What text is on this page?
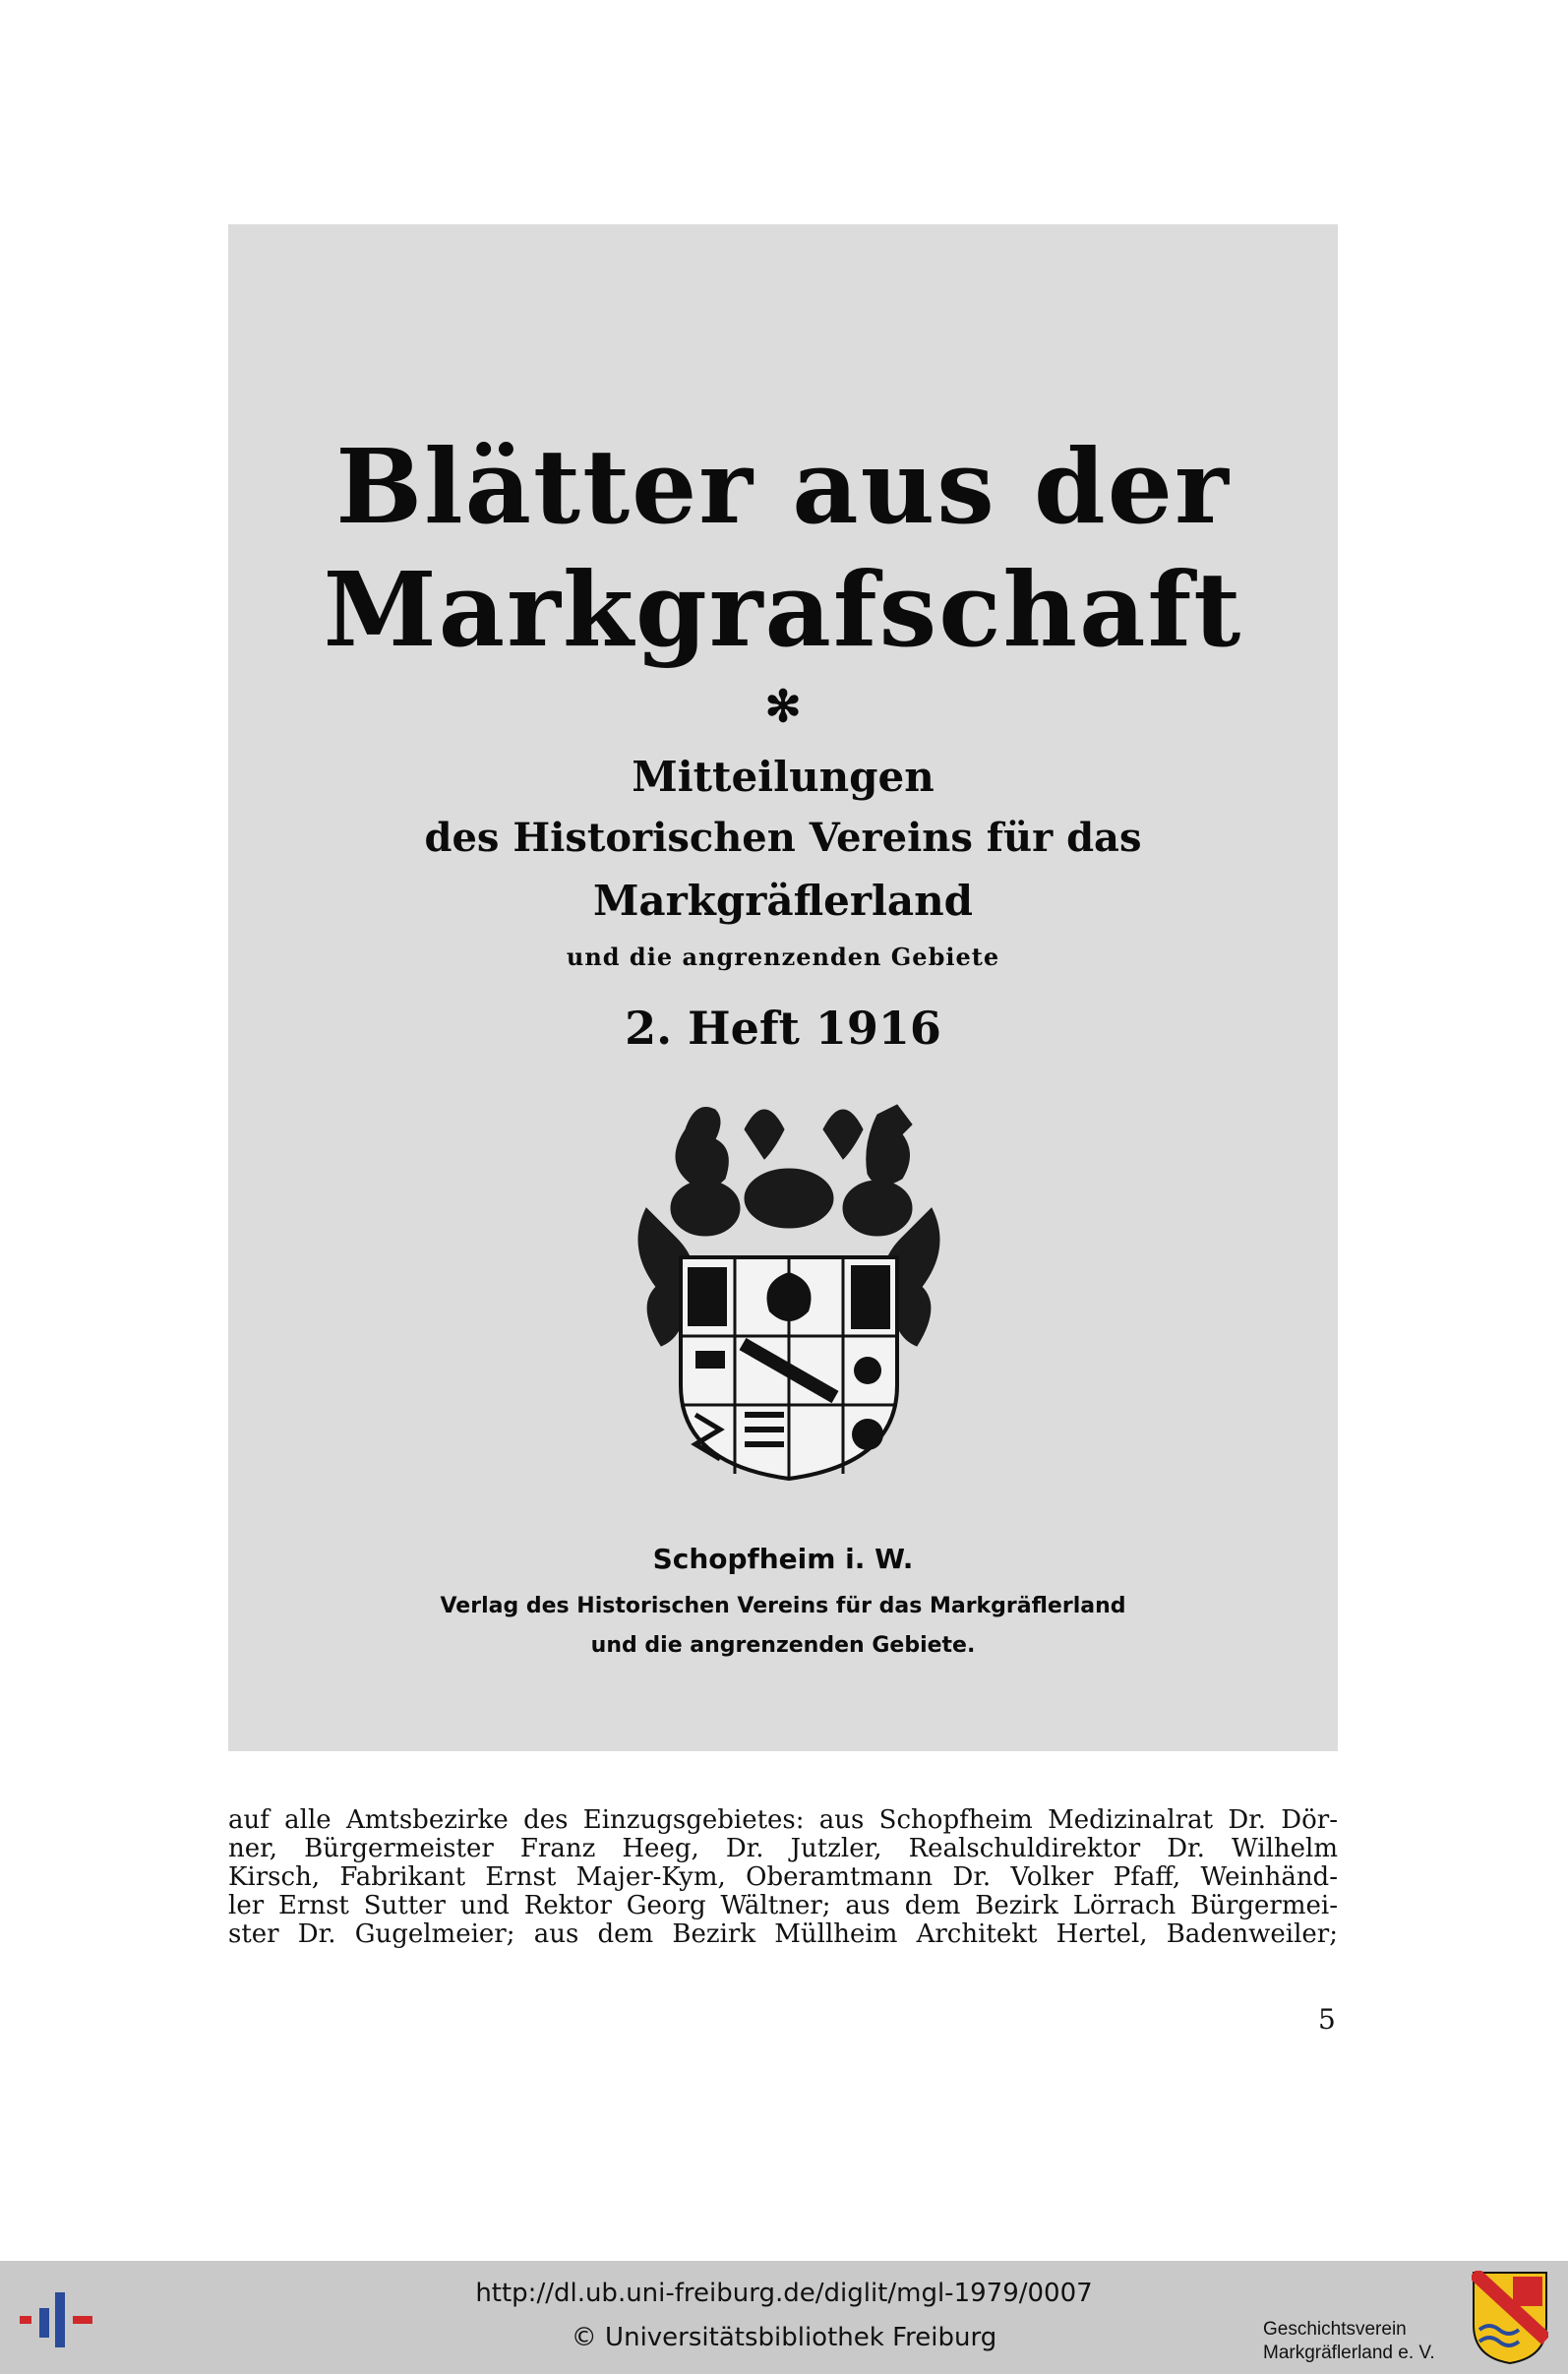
Blätter aus der
Markgrafschaft
✻
Mitteilungen
des Historischen Vereins für das
Markgräflerland
und die angrenzenden Gebiete
2. Heft 1916
Schopfheim i. W.
Verlag des Historischen Vereins für das Markgräflerland
und die angrenzenden Gebiete.
auf alle Amtsbezirke des Einzugsgebietes: aus Schopfheim Medizinalrat Dr. Dör-
ner, Bürgermeister Franz Heeg, Dr. Jutzler, Realschuldirektor Dr. Wilhelm
Kirsch, Fabrikant Ernst Majer-Kym, Oberamtmann Dr. Volker Pfaff, Weinhänd-
ler Ernst Sutter und Rektor Georg Wältner; aus dem Bezirk Lörrach Bürgermei-
ster Dr. Gugelmeier; aus dem Bezirk Müllheim Architekt Hertel, Badenweiler;
5
http://dl.ub.uni-freiburg.de/diglit/mgl-1979/0007
© Universitätsbibliothek Freiburg	Geschichtsverein
Markgräflerland e. V.
